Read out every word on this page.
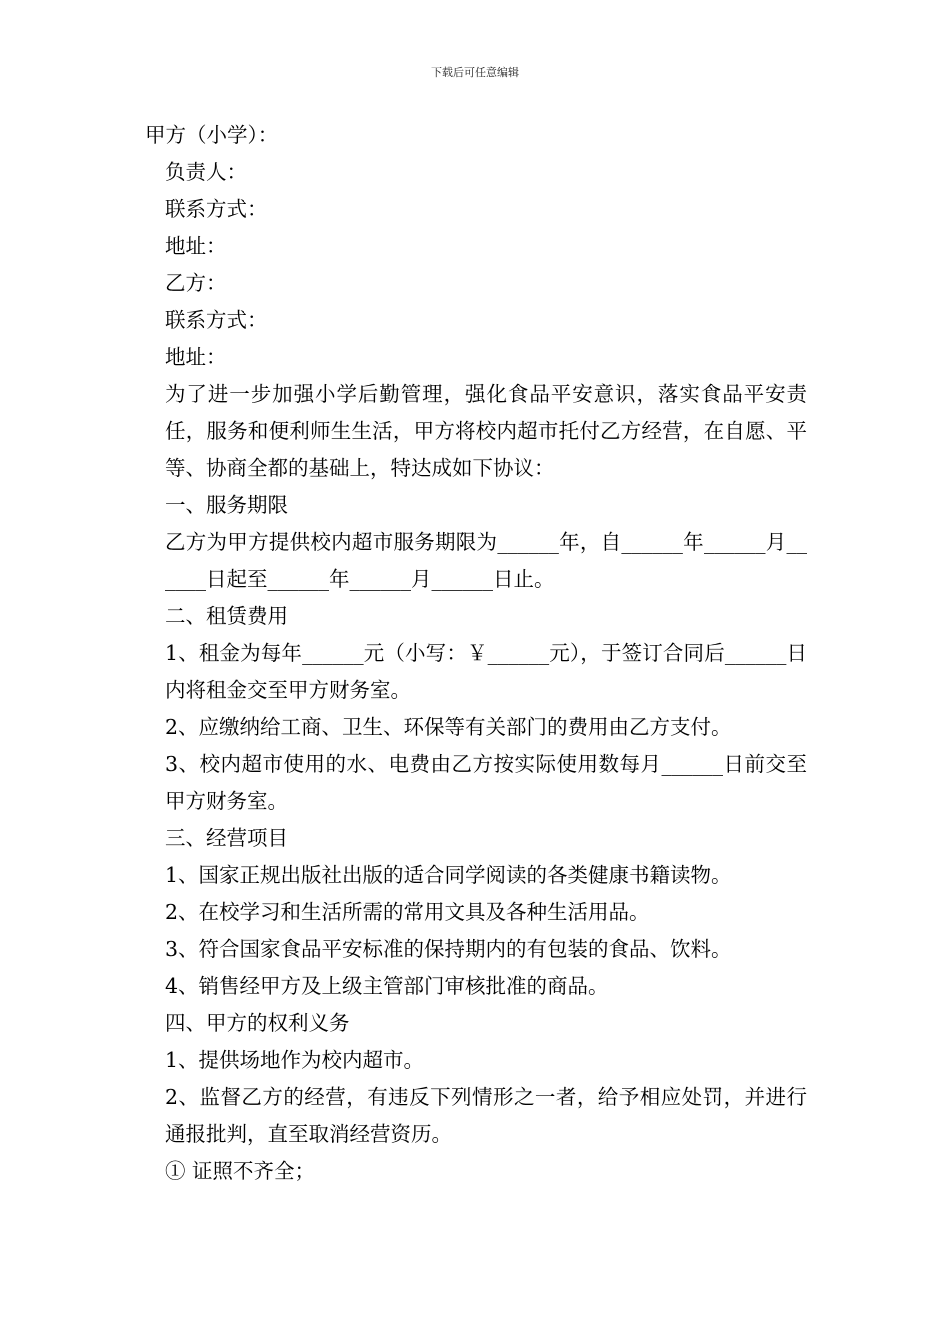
下载后可任意编辑

甲方（小学）：

负责人：

联系方式：

地址：

乙方：

联系方式：

地址：

为了进一步加强小学后勤管理，强化食品平安意识，落实食品平安责任，服务和便利师生生活，甲方将校内超市托付乙方经营，在自愿、平等、协商全都的基础上，特达成如下协议：

一、服务期限

乙方为甲方提供校内超市服务期限为______年，自______年______月______日起至______年______月______日止。

二、租赁费用

1、租金为每年______元（小写：￥______元），于签订合同后______日内将租金交至甲方财务室。

2、应缴纳给工商、卫生、环保等有关部门的费用由乙方支付。

3、校内超市使用的水、电费由乙方按实际使用数每月______日前交至甲方财务室。

三、经营项目

1、国家正规出版社出版的适合同学阅读的各类健康书籍读物。

2、在校学习和生活所需的常用文具及各种生活用品。

3、符合国家食品平安标准的保持期内的有包装的食品、饮料。

4、销售经甲方及上级主管部门审核批准的商品。

四、甲方的权利义务

1、提供场地作为校内超市。

2、监督乙方的经营，有违反下列情形之一者，给予相应处罚，并进行通报批判，直至取消经营资历。

① 证照不齐全；
